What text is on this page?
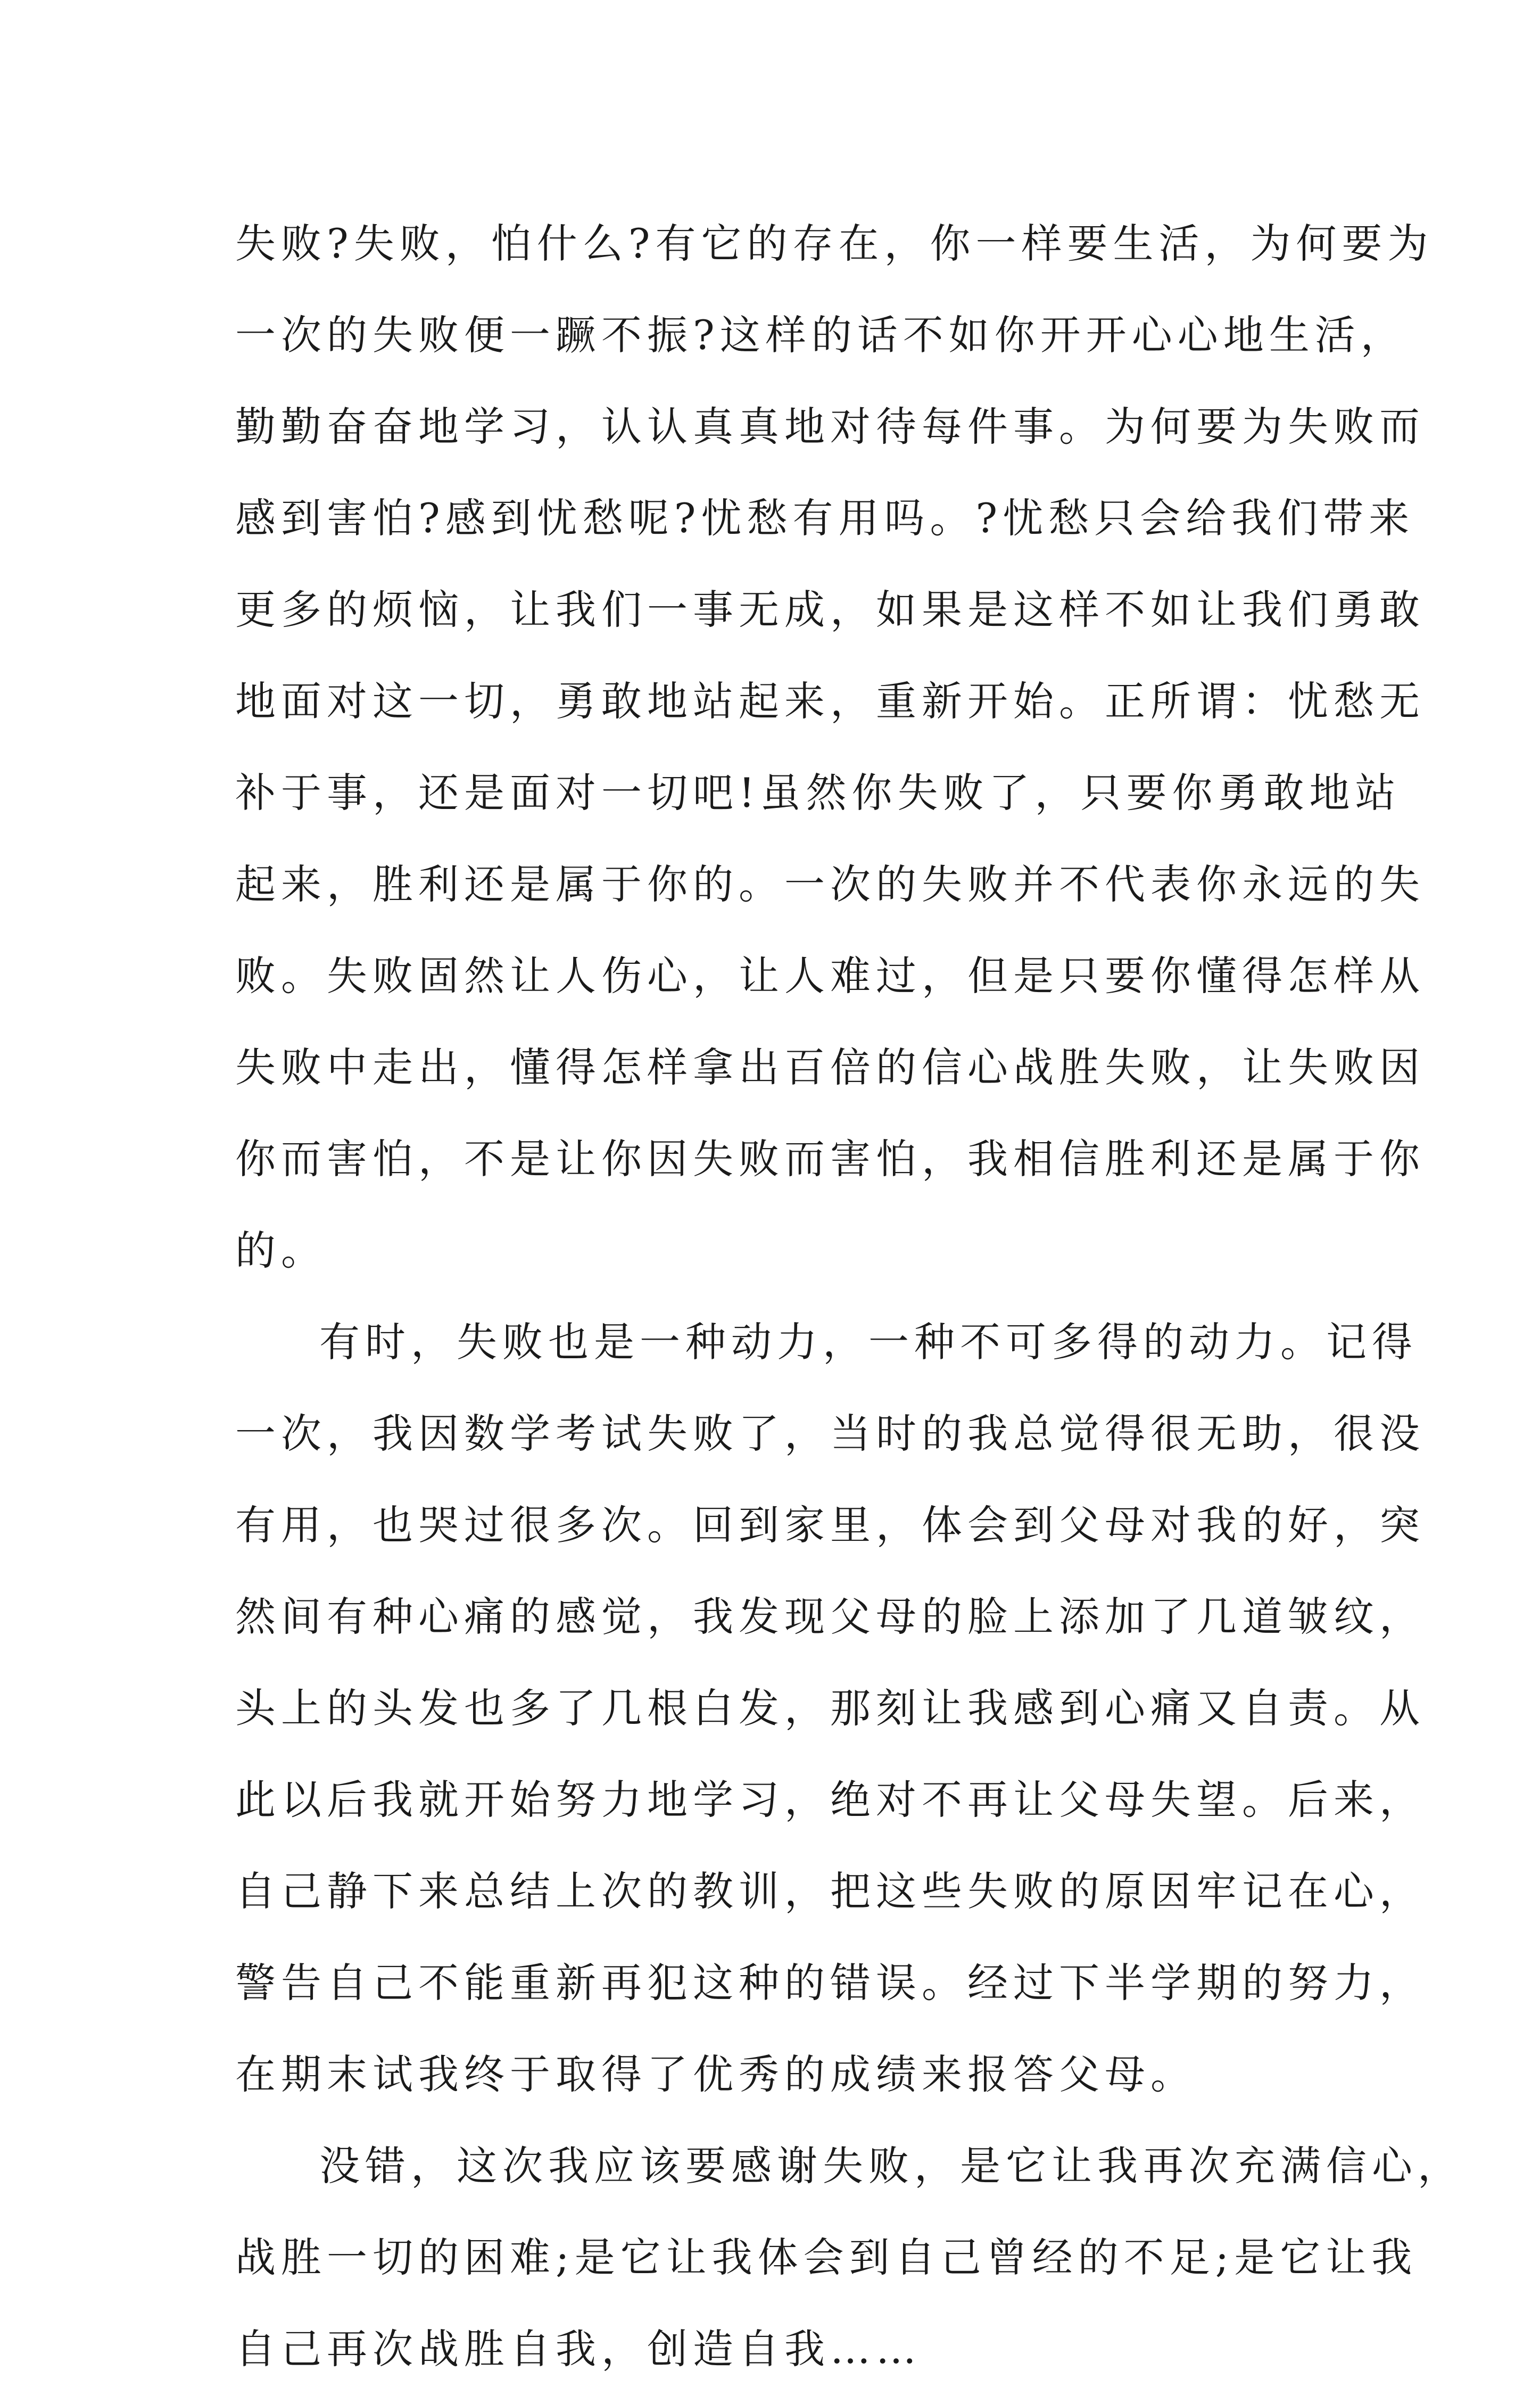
失败?失败，怕什么?有它的存在，你一样要生活，为何要为
一次的失败便一蹶不振?这样的话不如你开开心心地生活，
勤勤奋奋地学习，认认真真地对待每件事。为何要为失败而
感到害怕?感到忧愁呢?忧愁有用吗。?忧愁只会给我们带来
更多的烦恼，让我们一事无成，如果是这样不如让我们勇敢
地面对这一切，勇敢地站起来，重新开始。正所谓：忧愁无
补于事，还是面对一切吧!虽然你失败了，只要你勇敢地站
起来，胜利还是属于你的。一次的失败并不代表你永远的失
败。失败固然让人伤心，让人难过，但是只要你懂得怎样从
失败中走出，懂得怎样拿出百倍的信心战胜失败，让失败因
你而害怕，不是让你因失败而害怕，我相信胜利还是属于你
的。
有时，失败也是一种动力，一种不可多得的动力。记得
一次，我因数学考试失败了，当时的我总觉得很无助，很没
有用，也哭过很多次。回到家里，体会到父母对我的好，突
然间有种心痛的感觉，我发现父母的脸上添加了几道皱纹，
头上的头发也多了几根白发，那刻让我感到心痛又自责。从
此以后我就开始努力地学习，绝对不再让父母失望。后来，
自己静下来总结上次的教训，把这些失败的原因牢记在心，
警告自己不能重新再犯这种的错误。经过下半学期的努力，
在期末试我终于取得了优秀的成绩来报答父母。
没错，这次我应该要感谢失败，是它让我再次充满信心，
战胜一切的困难;是它让我体会到自己曾经的不足;是它让我
自己再次战胜自我，创造自我……
